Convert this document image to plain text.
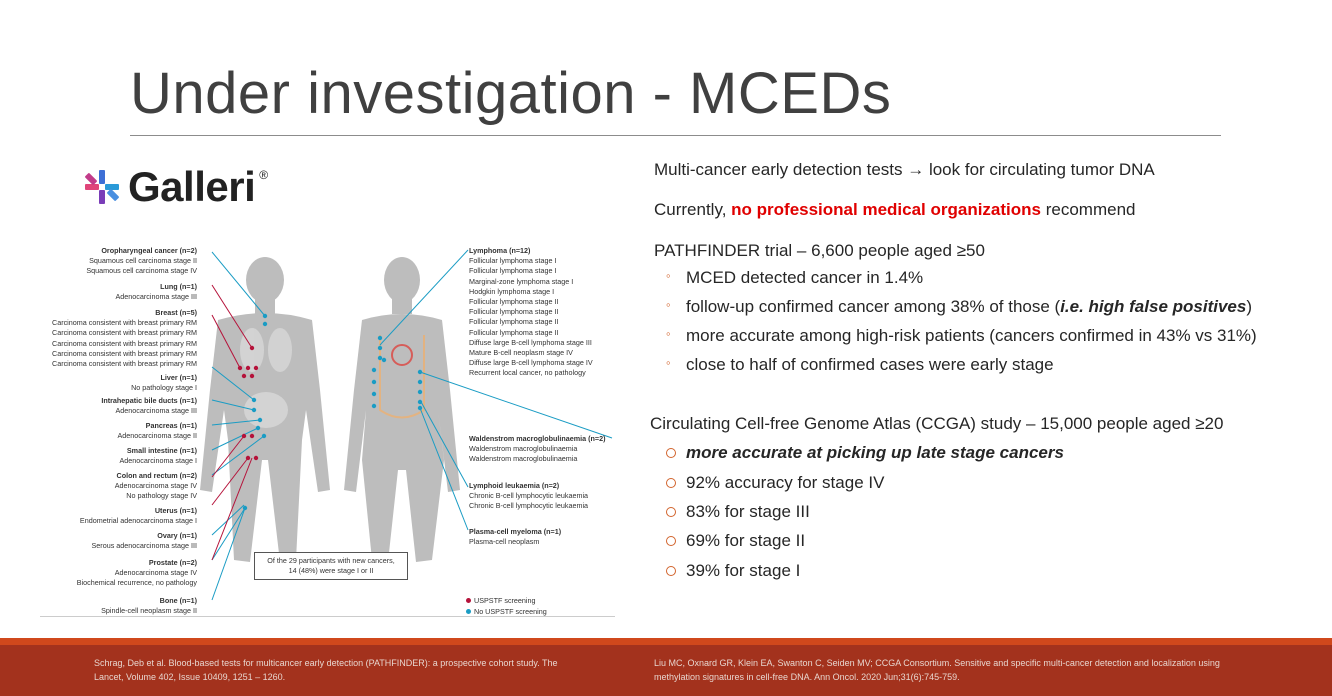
Under investigation - MCEDs
Galleri ®
Oropharyngeal cancer (n=2)
Squamous cell carcinoma stage II
Squamous cell carcinoma stage IV
Lung (n=1)
Adenocarcinoma stage III
Breast (n=5)
Carcinoma consistent with breast primary RM
Carcinoma consistent with breast primary RM
Carcinoma consistent with breast primary RM
Carcinoma consistent with breast primary RM
Carcinoma consistent with breast primary RM
Liver (n=1)
No pathology stage I
Intrahepatic bile ducts (n=1)
Adenocarcinoma stage III
Pancreas (n=1)
Adenocarcinoma stage II
Small intestine (n=1)
Adenocarcinoma stage I
Colon and rectum (n=2)
Adenocarcinoma stage IV
No pathology stage IV
Uterus (n=1)
Endometrial adenocarcinoma stage I
Ovary (n=1)
Serous adenocarcinoma stage III
Prostate (n=2)
Adenocarcinoma stage IV
Biochemical recurrence, no pathology
Bone (n=1)
Spindle-cell neoplasm stage II
Lymphoma (n=12)
Follicular lymphoma stage I
Follicular lymphoma stage I
Marginal-zone lymphoma stage I
Hodgkin lymphoma stage I
Follicular lymphoma stage II
Follicular lymphoma stage II
Follicular lymphoma stage II
Follicular lymphoma stage II
Diffuse large B-cell lymphoma stage III
Mature B-cell neoplasm stage IV
Diffuse large B-cell lymphoma stage IV
Recurrent local cancer, no pathology
Waldenstrom macroglobulinaemia (n=2)
Waldenstrom macroglobulinaemia
Waldenstrom macroglobulinaemia
Lymphoid leukaemia (n=2)
Chronic B-cell lymphocytic leukaemia
Chronic B-cell lymphocytic leukaemia
Plasma-cell myeloma (n=1)
Plasma-cell neoplasm
Of the 29 participants with new cancers,
14 (48%) were stage I or II
USPSTF screening
No USPSTF screening
Multi-cancer early detection tests → look for circulating tumor DNA
Currently, no professional medical organizations recommend
PATHFINDER trial – 6,600 people aged ≥50
◦ MCED detected cancer in 1.4%
◦ follow-up confirmed cancer among 38% of those (i.e. high false positives)
◦ more accurate among high-risk patients (cancers confirmed in 43% vs 31%)
◦ close to half of confirmed cases were early stage
Circulating Cell-free Genome Atlas (CCGA) study – 15,000 people aged ≥20
more accurate at picking up late stage cancers
92% accuracy for stage IV
83% for stage III
69% for stage II
39% for stage I
Schrag, Deb et al. Blood-based tests for multicancer early detection (PATHFINDER): a prospective cohort study. The
Lancet, Volume 402, Issue 10409, 1251 – 1260.
Liu MC, Oxnard GR, Klein EA, Swanton C, Seiden MV; CCGA Consortium. Sensitive and specific multi-cancer detection and localization using
methylation signatures in cell-free DNA. Ann Oncol. 2020 Jun;31(6):745-759.
